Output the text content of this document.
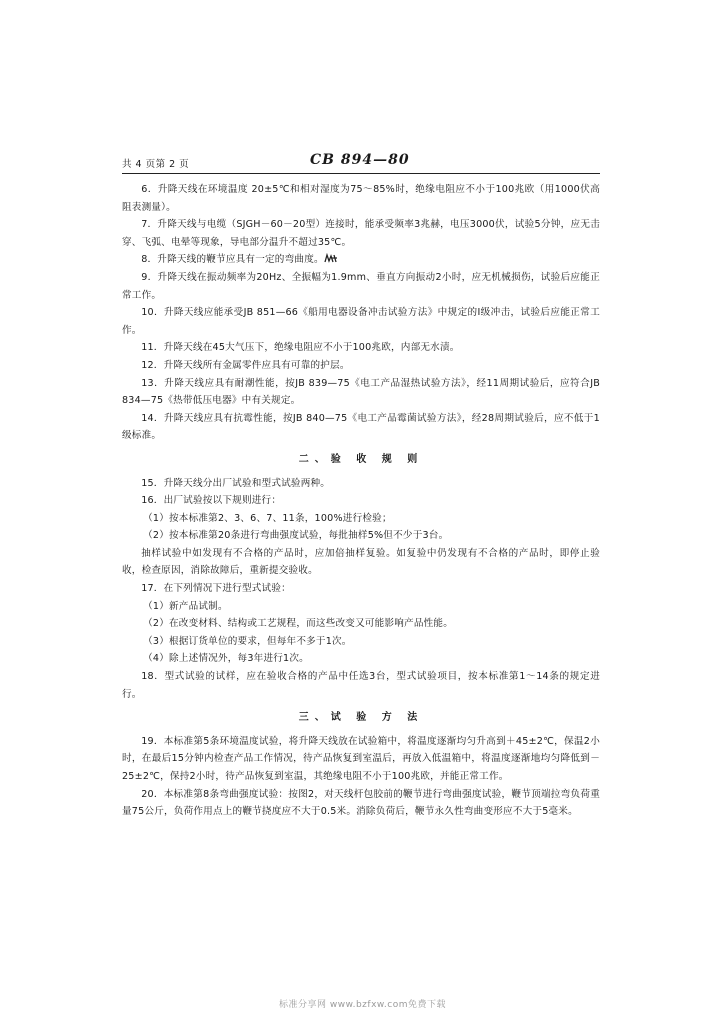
共 4 页第 2 页	CB 894—80

6．升降天线在环境温度 20±5℃和相对湿度为75～85%时，绝缘电阻应不小于100兆欧（用1000伏高阻表测量）。

7．升降天线与电缆（SJGH－60－20型）连接时，能承受频率3兆赫，电压3000伏，试验5分钟，应无击穿、飞弧、电晕等现象，导电部分温升不超过35℃。

8．升降天线的鞭节应具有一定的弯曲度。

9．升降天线在振动频率为20Hz、全振幅为1.9mm、垂直方向振动2小时，应无机械损伤，试验后应能正常工作。

10．升降天线应能承受JB 851—66《船用电器设备冲击试验方法》中规定的Ⅰ级冲击，试验后应能正常工作。

11．升降天线在45大气压下，绝缘电阻应不小于100兆欧，内部无水渍。

12．升降天线所有金属零件应具有可靠的护层。

13．升降天线应具有耐潮性能，按JB 839—75《电工产品湿热试验方法》，经11周期试验后，应符合JB 834—75《热带低压电器》中有关规定。

14．升降天线应具有抗霉性能，按JB 840—75《电工产品霉菌试验方法》，经28周期试验后，应不低于1级标准。

二、验 收 规 则

15．升降天线分出厂试验和型式试验两种。

16．出厂试验按以下规则进行：

（1）按本标准第2、3、6、7、11条，100%进行检验；

（2）按本标准第20条进行弯曲强度试验，每批抽样5%但不少于3台。

抽样试验中如发现有不合格的产品时，应加倍抽样复验。如复验中仍发现有不合格的产品时，即停止验收，检查原因，消除故障后，重新提交验收。

17．在下列情况下进行型式试验：

（1）新产品试制。

（2）在改变材料、结构或工艺规程，而这些改变又可能影响产品性能。

（3）根据订货单位的要求，但每年不多于1次。

（4）除上述情况外，每3年进行1次。

18．型式试验的试样，应在验收合格的产品中任选3台，型式试验项目，按本标准第1～14条的规定进行。

三、试 验 方 法

19．本标准第5条环境温度试验，将升降天线放在试验箱中，将温度逐渐均匀升高到＋45±2℃，保温2小时，在最后15分钟内检查产品工作情况，待产品恢复到室温后，再放入低温箱中，将温度逐渐地均匀降低到－25±2℃，保持2小时，待产品恢复到室温，其绝缘电阻不小于100兆欧，并能正常工作。

20．本标准第8条弯曲强度试验：按图2，对天线杆包胶前的鞭节进行弯曲强度试验，鞭节顶端拉弯负荷重量75公斤，负荷作用点上的鞭节挠度应不大于0.5米。消除负荷后，鞭节永久性弯曲变形应不大于5毫米。

标准分享网 www.bzfxw.com免费下载
